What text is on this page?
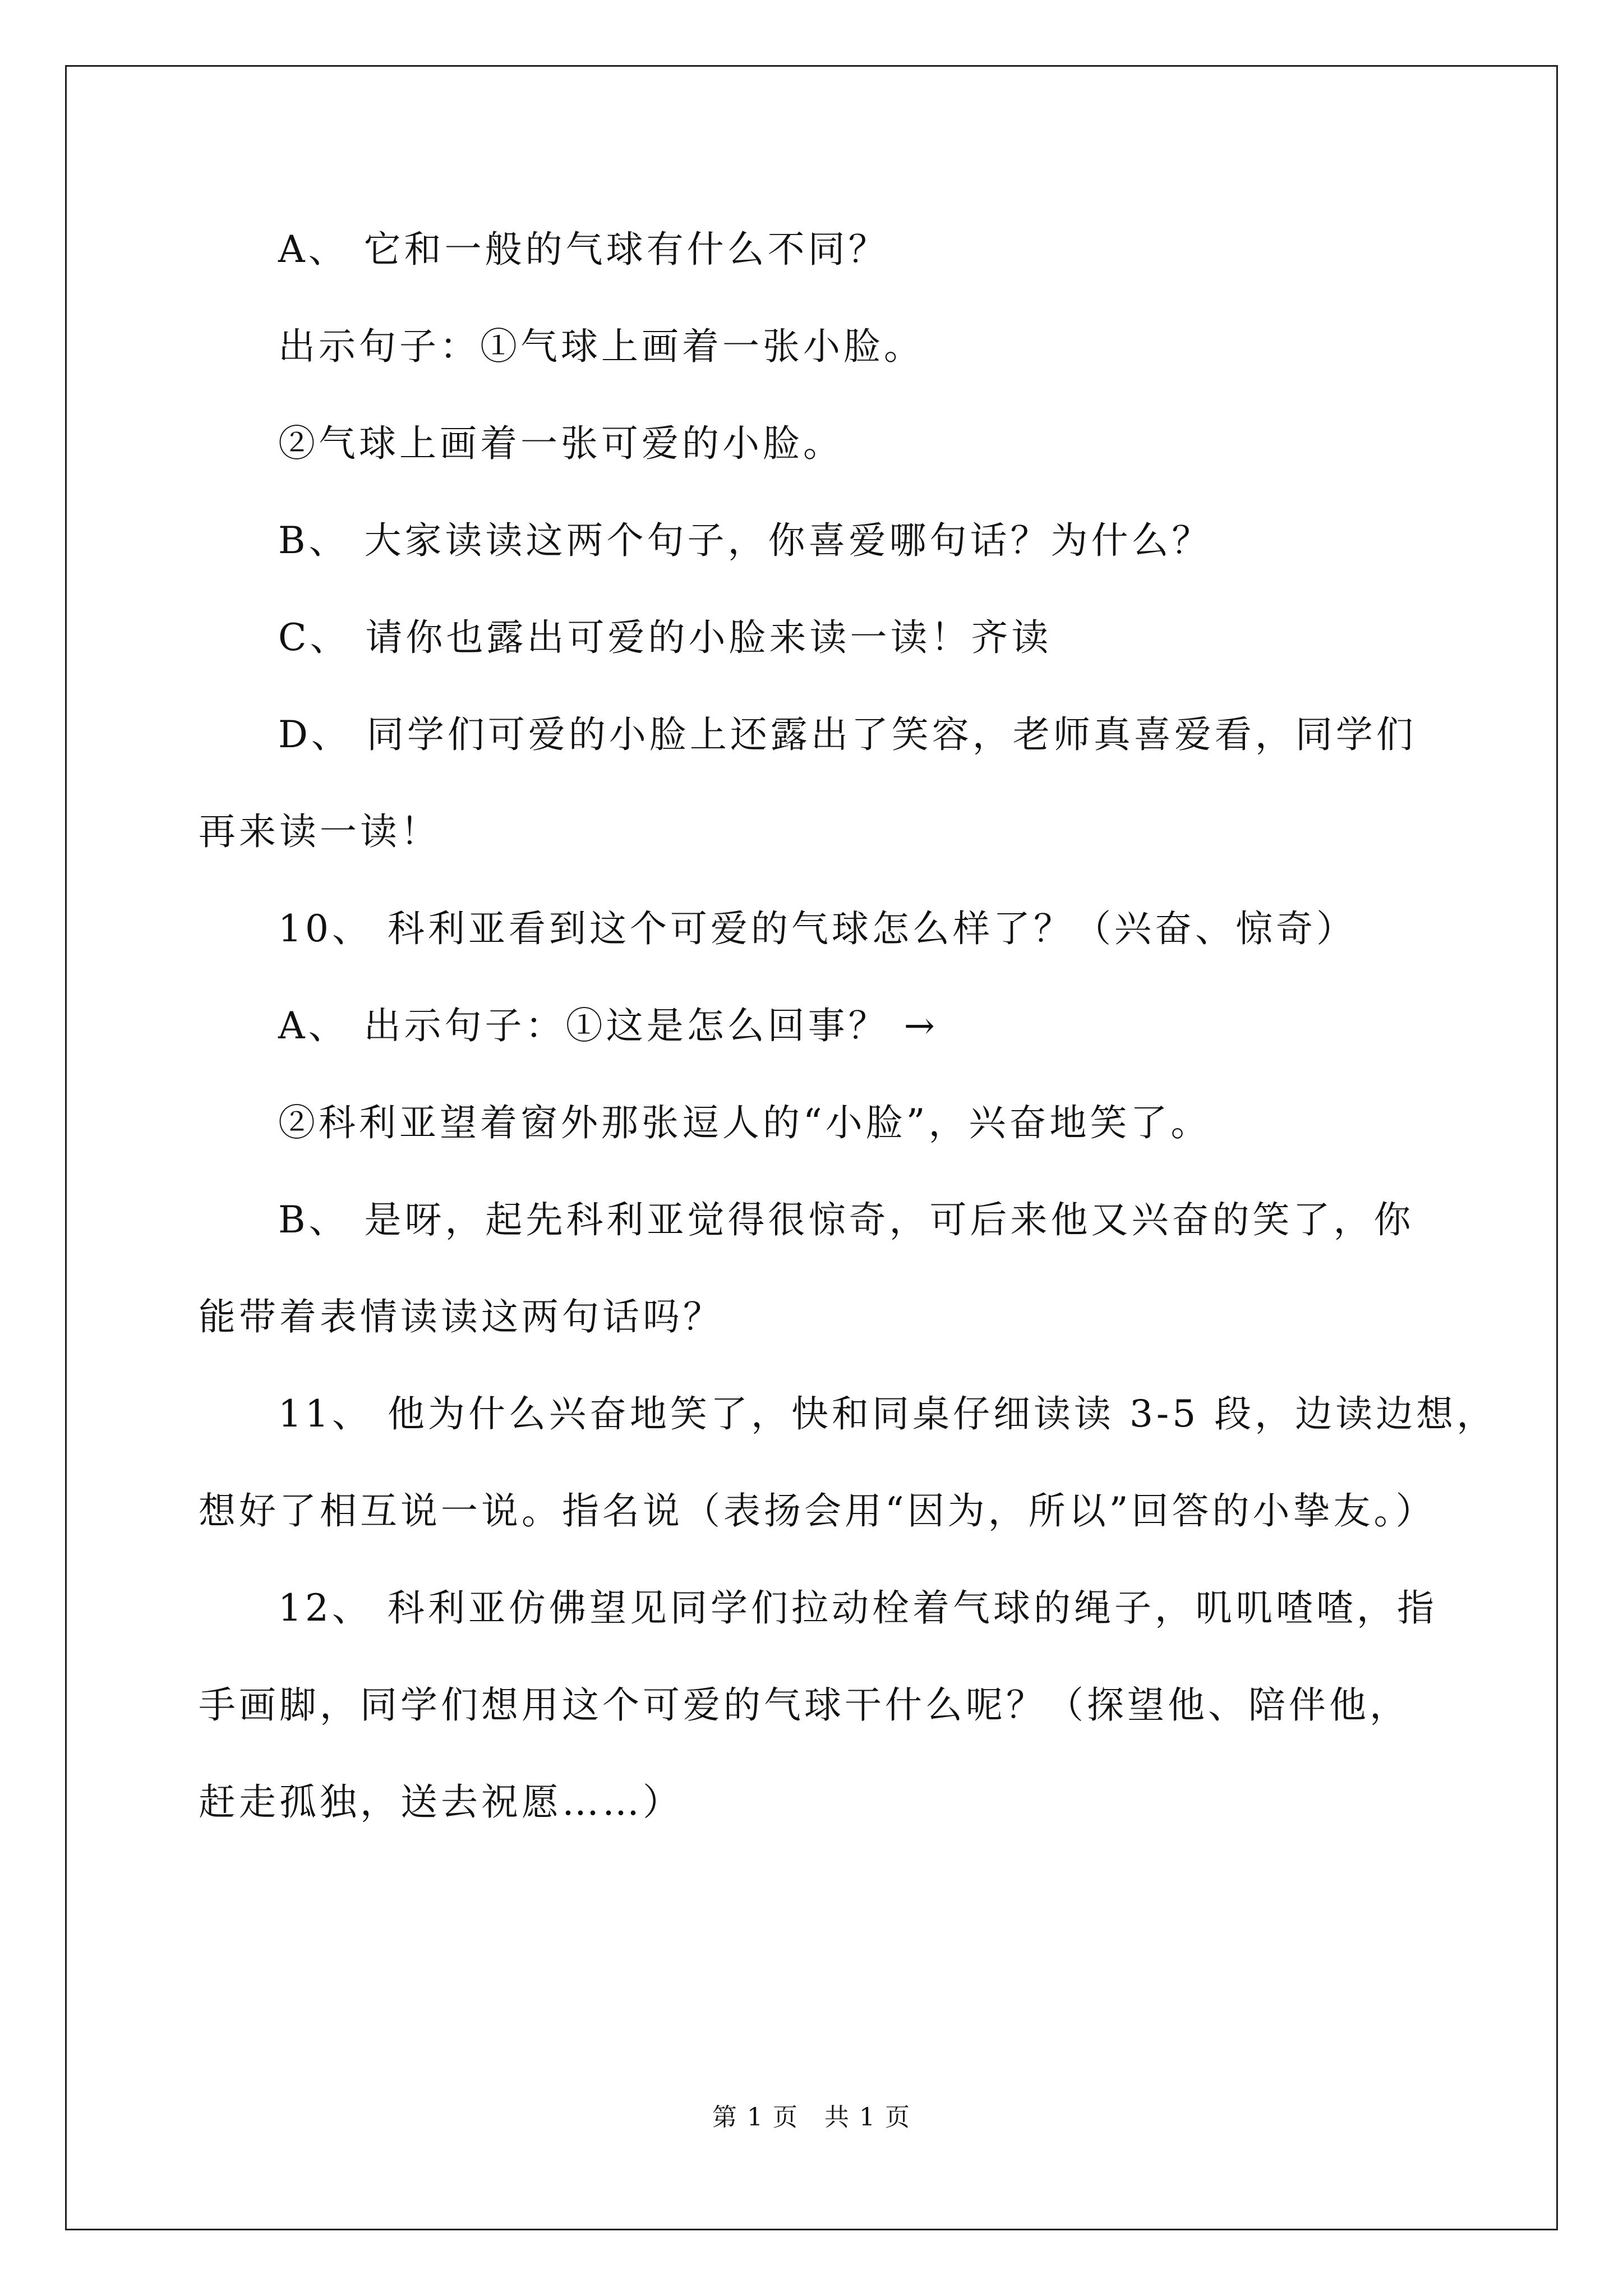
A、 它和一般的气球有什么不同？
出示句子：①气球上画着一张小脸。
②气球上画着一张可爱的小脸。
B、 大家读读这两个句子，你喜爱哪句话？为什么？
C、 请你也露出可爱的小脸来读一读！齐读
D、 同学们可爱的小脸上还露出了笑容，老师真喜爱看，同学们
再来读一读！
10、 科利亚看到这个可爱的气球怎么样了？（兴奋、惊奇）
A、 出示句子：①这是怎么回事？ →
②科利亚望着窗外那张逗人的“小脸”，兴奋地笑了。
B、 是呀，起先科利亚觉得很惊奇，可后来他又兴奋的笑了，你
能带着表情读读这两句话吗？
11、 他为什么兴奋地笑了，快和同桌仔细读读 3-5 段，边读边想，
想好了相互说一说。指名说（表扬会用“因为，所以”回答的小挚友。）
12、 科利亚仿佛望见同学们拉动栓着气球的绳子，叽叽喳喳，指
手画脚，同学们想用这个可爱的气球干什么呢？（探望他、陪伴他，
赶走孤独，送去祝愿……）
第 1 页　共 1 页
